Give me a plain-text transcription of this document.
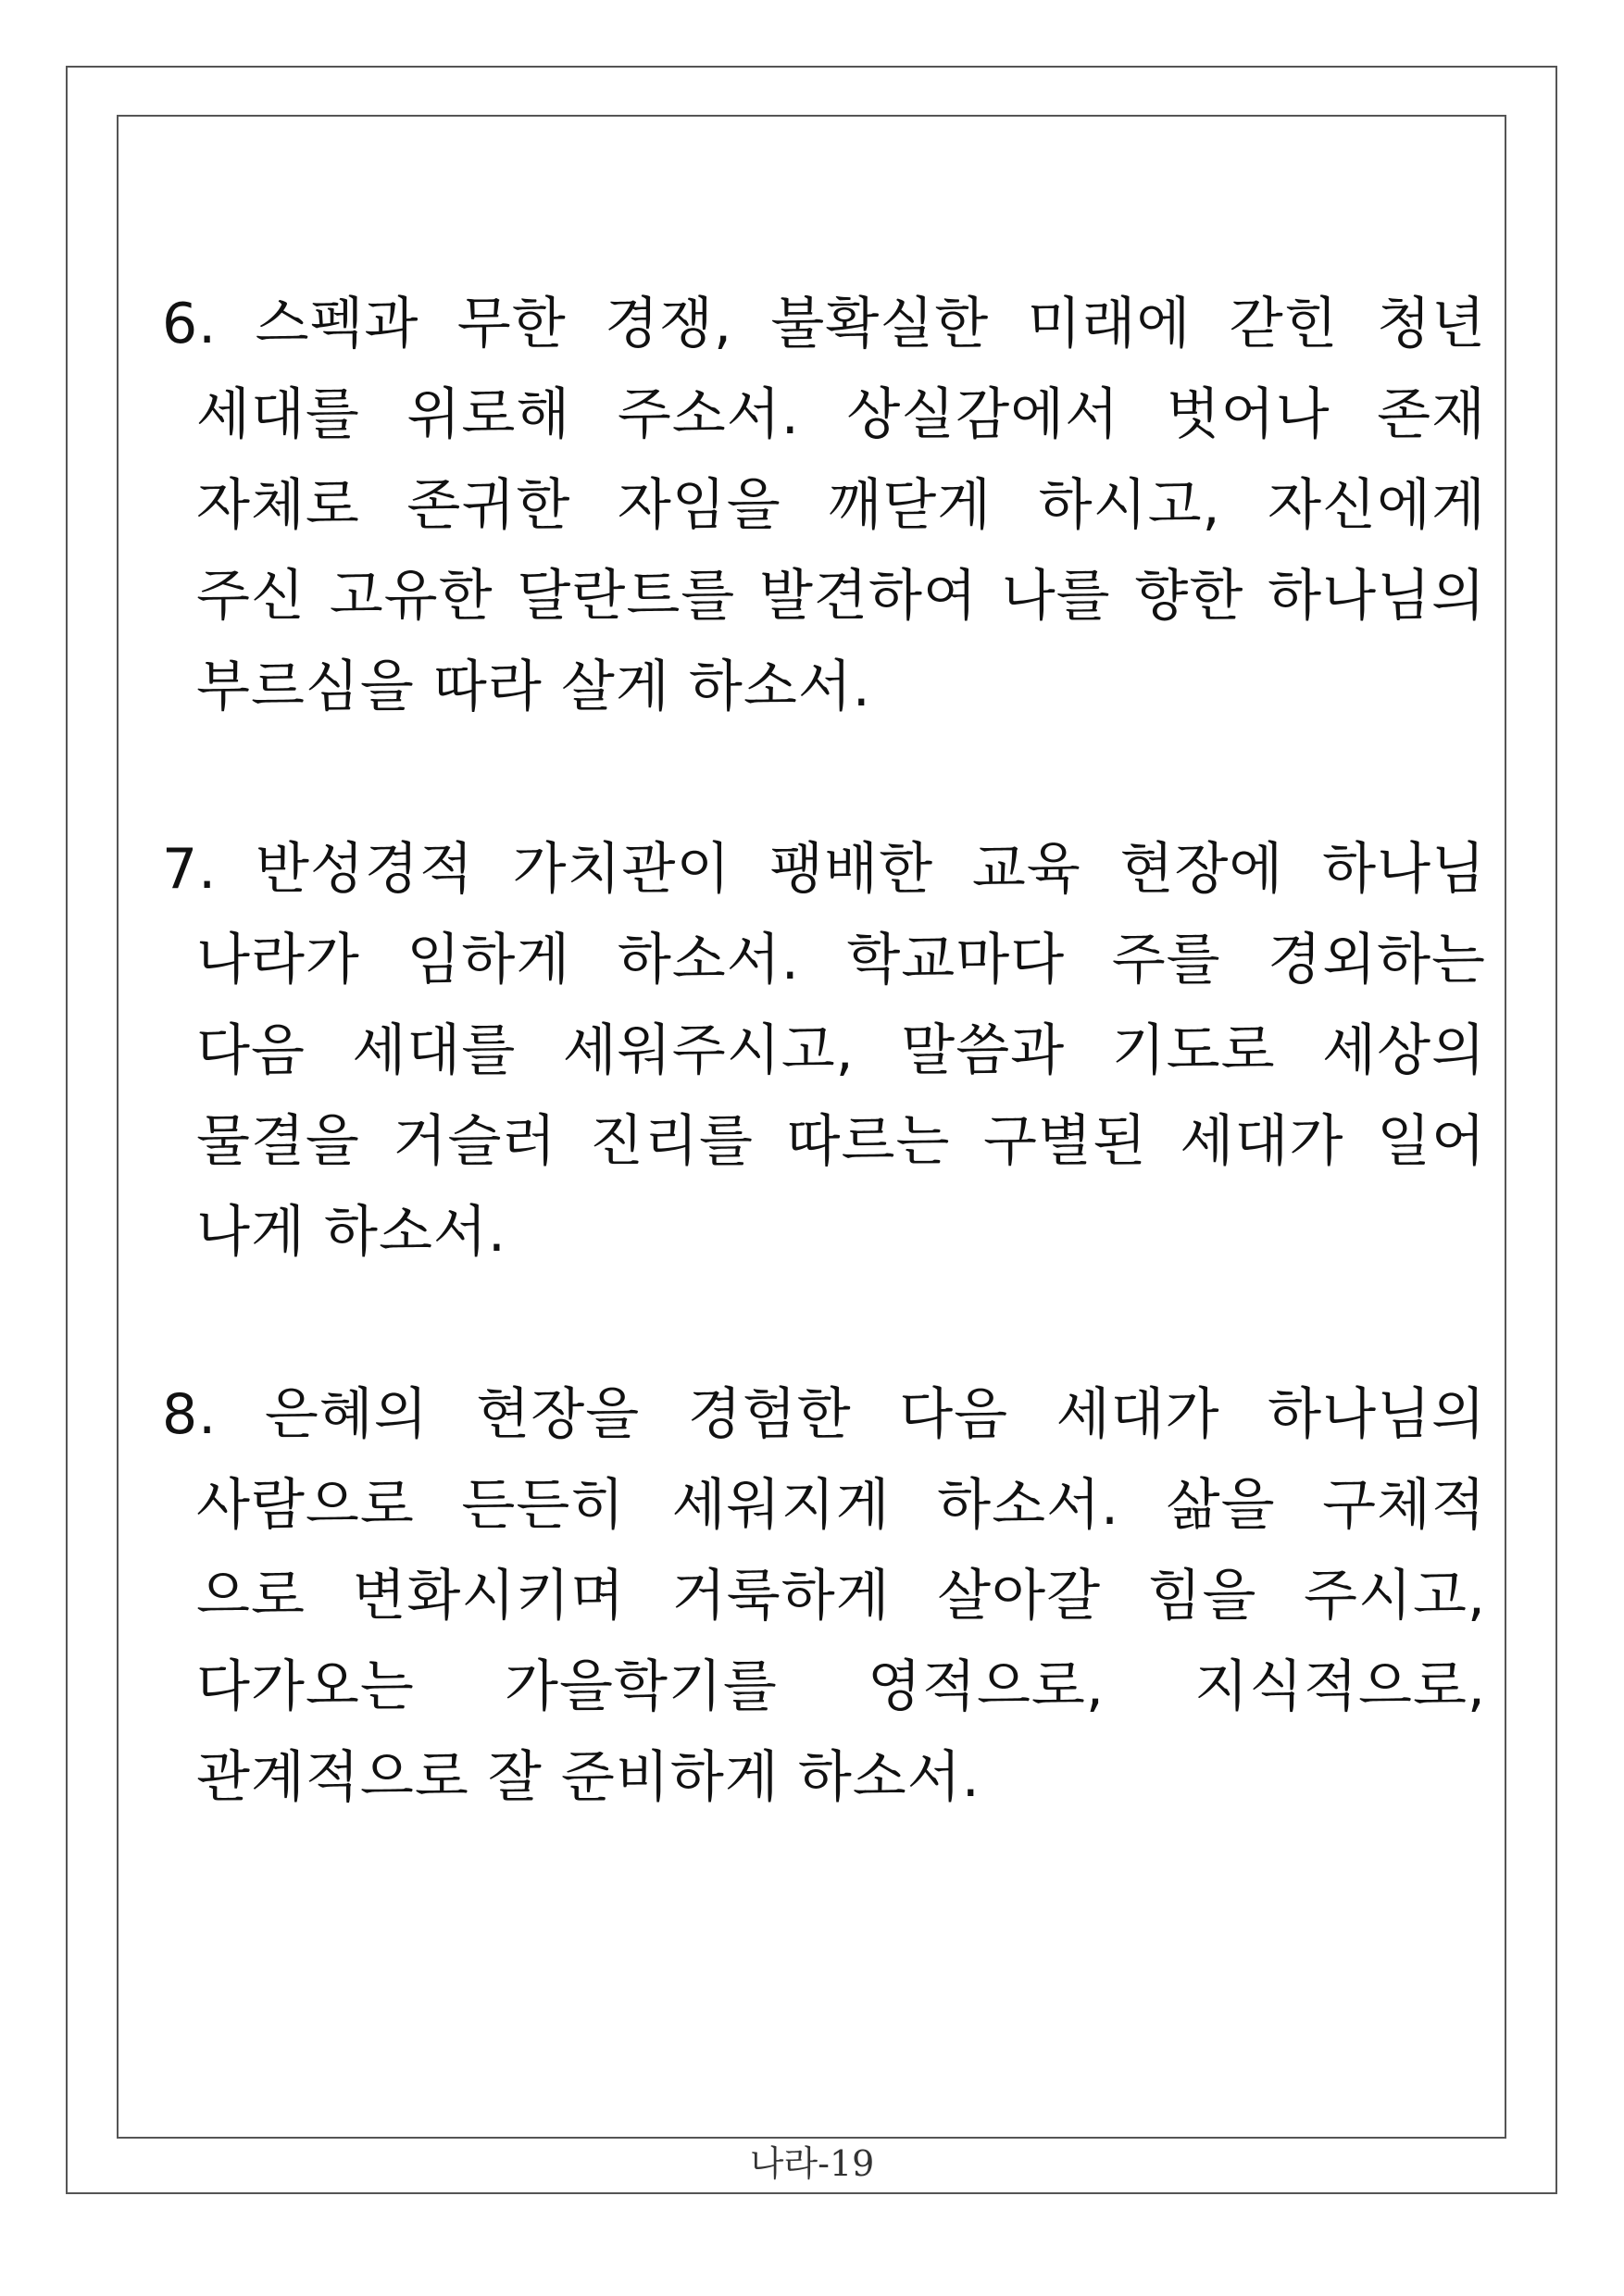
6. 스펙과 무한 경쟁, 불확실한 미래에 갇힌 청년
세대를 위로해 주소서. 상실감에서 벗어나 존재
자체로 존귀한 자임을 깨닫게 하시고, 자신에게
주신 고유한 달란트를 발견하여 나를 향한 하나님의
부르심을 따라 살게 하소서.
7. 반성경적 가치관이 팽배한 교육 현장에 하나님
나라가 임하게 하소서. 학교마다 주를 경외하는
다음 세대를 세워주시고, 말씀과 기도로 세상의
물결을 거슬러 진리를 따르는 구별된 세대가 일어
나게 하소서.
8. 은혜의 현장을 경험한 다음 세대가 하나님의
사람으로 든든히 세워지게 하소서. 삶을 구체적
으로 변화시키며 거룩하게 살아갈 힘을 주시고,
다가오는 가을학기를 영적으로, 지식적으로,
관계적으로 잘 준비하게 하소서.
나라-19
